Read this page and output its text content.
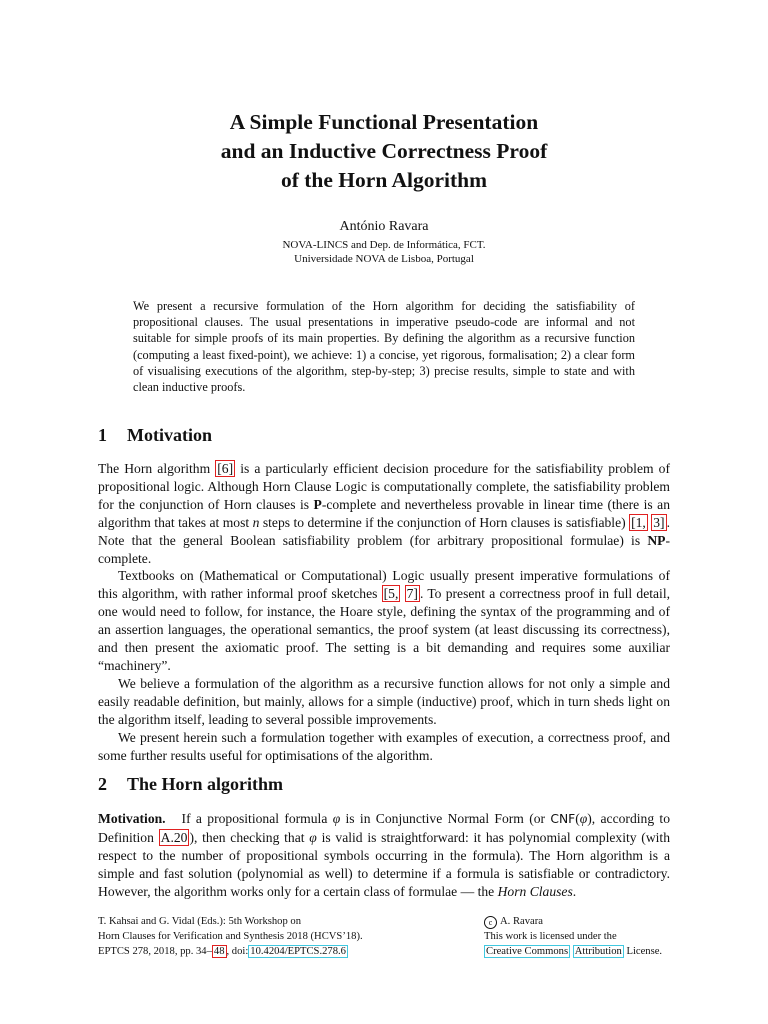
A Simple Functional Presentation
and an Inductive Correctness Proof
of the Horn Algorithm
António Ravara
NOVA-LINCS and Dep. de Informática, FCT.
Universidade NOVA de Lisboa, Portugal

We present a recursive formulation of the Horn algorithm for deciding the satisfiability of propositional clauses. The usual presentations in imperative pseudo-code are informal and not suitable for simple proofs of its main properties. By defining the algorithm as a recursive function (computing a least fixed-point), we achieve: 1) a concise, yet rigorous, formalisation; 2) a clear form of visualising executions of the algorithm, step-by-step; 3) precise results, simple to state and with clean inductive proofs.

1 Motivation

The Horn algorithm [6] is a particularly efficient decision procedure for the satisfiability problem of propositional logic. Although Horn Clause Logic is computationally complete, the satisfiability problem for the conjunction of Horn clauses is P-complete and nevertheless provable in linear time (there is an algorithm that takes at most n steps to determine if the conjunction of Horn clauses is satisfiable) [1, 3] . Note that the general Boolean satisfiability problem (for arbitrary propositional formulae) is NP-complete.

Textbooks on (Mathematical or Computational) Logic usually present imperative formulations of this algorithm, with rather informal proof sketches [5, 7] . To present a correctness proof in full detail, one would need to follow, for instance, the Hoare style, defining the syntax of the programming and of an assertion languages, the operational semantics, the proof system (at least discussing its correctness), and then present the axiomatic proof. The setting is a bit demanding and requires some auxiliar “machinery”.

We believe a formulation of the algorithm as a recursive function allows for not only a simple and easily readable definition, but mainly, allows for a simple (inductive) proof, which in turn sheds light on the algorithm itself, leading to several possible improvements.

We present herein such a formulation together with examples of execution, a correctness proof, and some further results useful for optimisations of the algorithm.

2 The Horn algorithm

Motivation.   If a propositional formula φ is in Conjunctive Normal Form (or CNF(φ), according to Definition A.20 ), then checking that φ is valid is straightforward: it has polynomial complexity (with respect to the number of propositional symbols occurring in the formula). The Horn algorithm is a simple and fast solution (polynomial as well) to determine if a formula is satisfiable or contradictory. However, the algorithm works only for a certain class of formulae — the Horn Clauses.

T. Kahsai and G. Vidal (Eds.): 5th Workshop on
Horn Clauses for Verification and Synthesis 2018 (HCVS’18).
EPTCS 278, 2018, pp. 34– 48 , doi: 10.4204/EPTCS.278.6
c A. Ravara
This work is licensed under the
Creative Commons Attribution License.
